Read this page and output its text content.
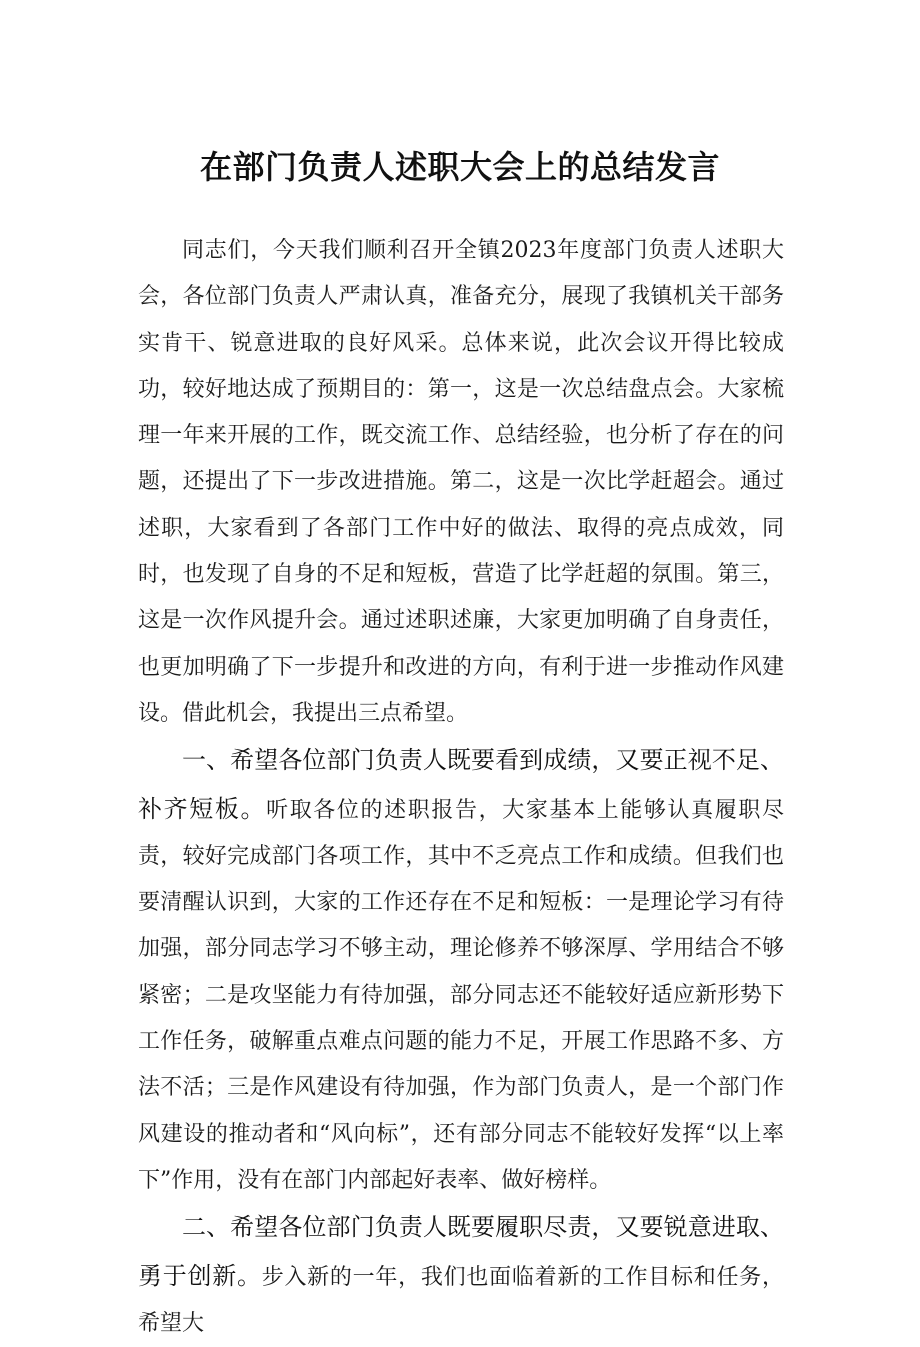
在部门负责人述职大会上的总结发言

同志们，今天我们顺利召开全镇2023年度部门负责人述职大会，各位部门负责人严肃认真，准备充分，展现了我镇机关干部务实肯干、锐意进取的良好风采。总体来说，此次会议开得比较成功，较好地达成了预期目的：第一，这是一次总结盘点会。大家梳理一年来开展的工作，既交流工作、总结经验，也分析了存在的问题，还提出了下一步改进措施。第二，这是一次比学赶超会。通过述职，大家看到了各部门工作中好的做法、取得的亮点成效，同时，也发现了自身的不足和短板，营造了比学赶超的氛围。第三，这是一次作风提升会。通过述职述廉，大家更加明确了自身责任，也更加明确了下一步提升和改进的方向，有利于进一步推动作风建设。借此机会，我提出三点希望。

一、希望各位部门负责人既要看到成绩，又要正视不足、补齐短板。听取各位的述职报告，大家基本上能够认真履职尽责，较好完成部门各项工作，其中不乏亮点工作和成绩。但我们也要清醒认识到，大家的工作还存在不足和短板：一是理论学习有待加强，部分同志学习不够主动，理论修养不够深厚、学用结合不够紧密；二是攻坚能力有待加强，部分同志还不能较好适应新形势下工作任务，破解重点难点问题的能力不足，开展工作思路不多、方法不活；三是作风建设有待加强，作为部门负责人，是一个部门作风建设的推动者和“风向标”，还有部分同志不能较好发挥“以上率下”作用，没有在部门内部起好表率、做好榜样。

二、希望各位部门负责人既要履职尽责，又要锐意进取、勇于创新。步入新的一年，我们也面临着新的工作目标和任务，希望大
